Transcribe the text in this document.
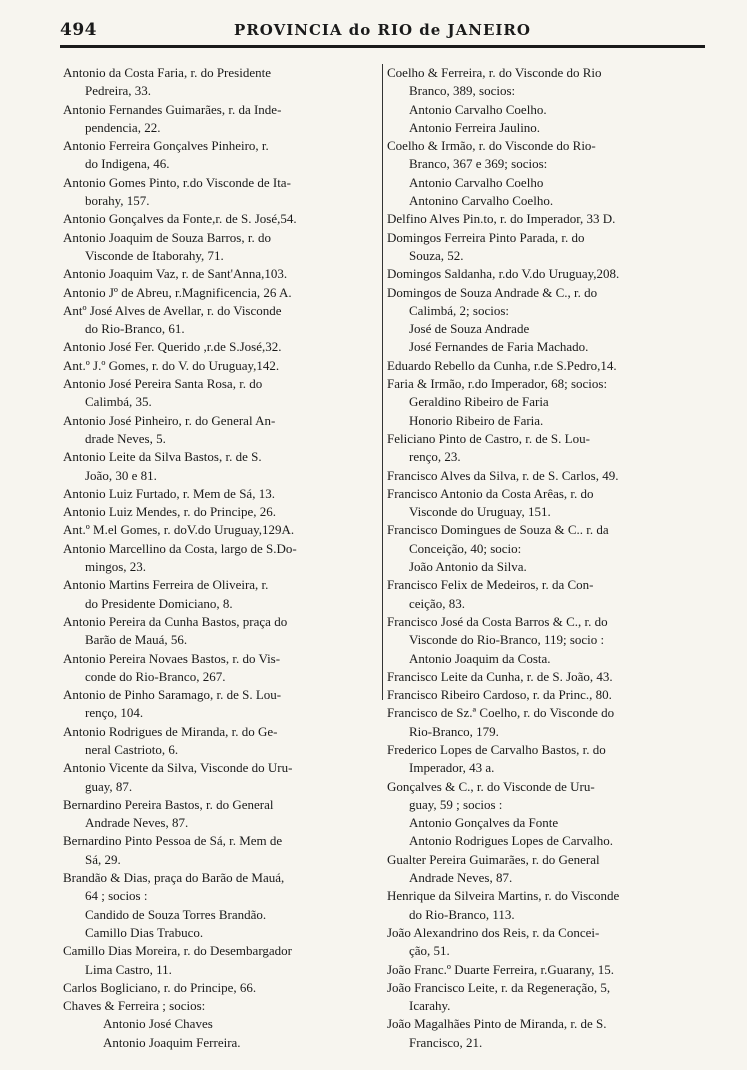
494	PROVINCIA do RIO de JANEIRO
Antonio da Costa Faria, r. do Presidente
Pedreira, 33.
Antonio Fernandes Guimarães, r. da Inde-
pendencia, 22.
Antonio Ferreira Gonçalves Pinheiro, r.
do Indigena, 46.
Antonio Gomes Pinto, r.do Visconde de Ita-
borahy, 157.
Antonio Gonçalves da Fonte,r. de S. José,54.
Antonio Joaquim de Souza Barros, r. do
Visconde de Itaborahy, 71.
Antonio Joaquim Vaz, r. de Sant'Anna,103.
Antonio Jº de Abreu, r.Magnificencia, 26 A.
Antº José Alves de Avellar, r. do Visconde
do Rio-Branco, 61.
Antonio José Fer. Querido ,r.de S.José,32.
Ant.º J.º Gomes, r. do V. do Uruguay,142.
Antonio José Pereira Santa Rosa, r. do
Calimbá, 35.
Antonio José Pinheiro, r. do General An-
drade Neves, 5.
Antonio Leite da Silva Bastos, r. de S.
João, 30 e 81.
Antonio Luiz Furtado, r. Mem de Sá, 13.
Antonio Luiz Mendes, r. do Principe, 26.
Ant.º M.el Gomes, r. doV.do Uruguay,129A.
Antonio Marcellino da Costa, largo de S.Do-
mingos, 23.
Antonio Martins Ferreira de Oliveira, r.
do Presidente Domiciano, 8.
Antonio Pereira da Cunha Bastos, praça do
Barão de Mauá, 56.
Antonio Pereira Novaes Bastos, r. do Vis-
conde do Rio-Branco, 267.
Antonio de Pinho Saramago, r. de S. Lou-
renço, 104.
Antonio Rodrigues de Miranda, r. do Ge-
neral Castrioto, 6.
Antonio Vicente da Silva, Visconde do Uru-
guay, 87.
Bernardino Pereira Bastos, r. do General
Andrade Neves, 87.
Bernardino Pinto Pessoa de Sá, r. Mem de
Sá, 29.
Brandão & Dias, praça do Barão de Mauá,
64 ; socios :
Candido de Souza Torres Brandão.
Camillo Dias Trabuco.
Camillo Dias Moreira, r. do Desembargador
Lima Castro, 11.
Carlos Bogliciano, r. do Principe, 66.
Chaves & Ferreira ; socios:
Antonio José Chaves
Antonio Joaquim Ferreira.
Coelho & Ferreira, r. do Visconde do Rio
Branco, 389, socios:
Antonio Carvalho Coelho.
Antonio Ferreira Jaulino.
Coelho & Irmão, r. do Visconde do Rio-
Branco, 367 e 369; socios:
Antonio Carvalho Coelho
Antonino Carvalho Coelho.
Delfino Alves Pin.to, r. do Imperador, 33 D.
Domingos Ferreira Pinto Parada, r. do
Souza, 52.
Domingos Saldanha, r.do V.do Uruguay,208.
Domingos de Souza Andrade & C., r. do
Calimbá, 2; socios:
José de Souza Andrade
José Fernandes de Faria Machado.
Eduardo Rebello da Cunha, r.de S.Pedro,14.
Faria & Irmão, r.do Imperador, 68; socios:
Geraldino Ribeiro de Faria
Honorio Ribeiro de Faria.
Feliciano Pinto de Castro, r. de S. Lou-
renço, 23.
Francisco Alves da Silva, r. de S. Carlos, 49.
Francisco Antonio da Costa Arêas, r. do
Visconde do Uruguay, 151.
Francisco Domingues de Souza & C.. r. da
Conceição, 40; socio:
João Antonio da Silva.
Francisco Felix de Medeiros, r. da Con-
ceição, 83.
Francisco José da Costa Barros & C., r. do
Visconde do Rio-Branco, 119; socio :
Antonio Joaquim da Costa.
Francisco Leite da Cunha, r. de S. João, 43.
Francisco Ribeiro Cardoso, r. da Princ., 80.
Francisco de Sz.ª Coelho, r. do Visconde do
Rio-Branco, 179.
Frederico Lopes de Carvalho Bastos, r. do
Imperador, 43 a.
Gonçalves & C., r. do Visconde de Uru-
guay, 59 ; socios :
Antonio Gonçalves da Fonte
Antonio Rodrigues Lopes de Carvalho.
Gualter Pereira Guimarães, r. do General
Andrade Neves, 87.
Henrique da Silveira Martins, r. do Visconde
do Rio-Branco, 113.
João Alexandrino dos Reis, r. da Concei-
ção, 51.
João Franc.º Duarte Ferreira, r.Guarany, 15.
João Francisco Leite, r. da Regeneração, 5,
Icarahy.
João Magalhães Pinto de Miranda, r. de S.
Francisco, 21.
